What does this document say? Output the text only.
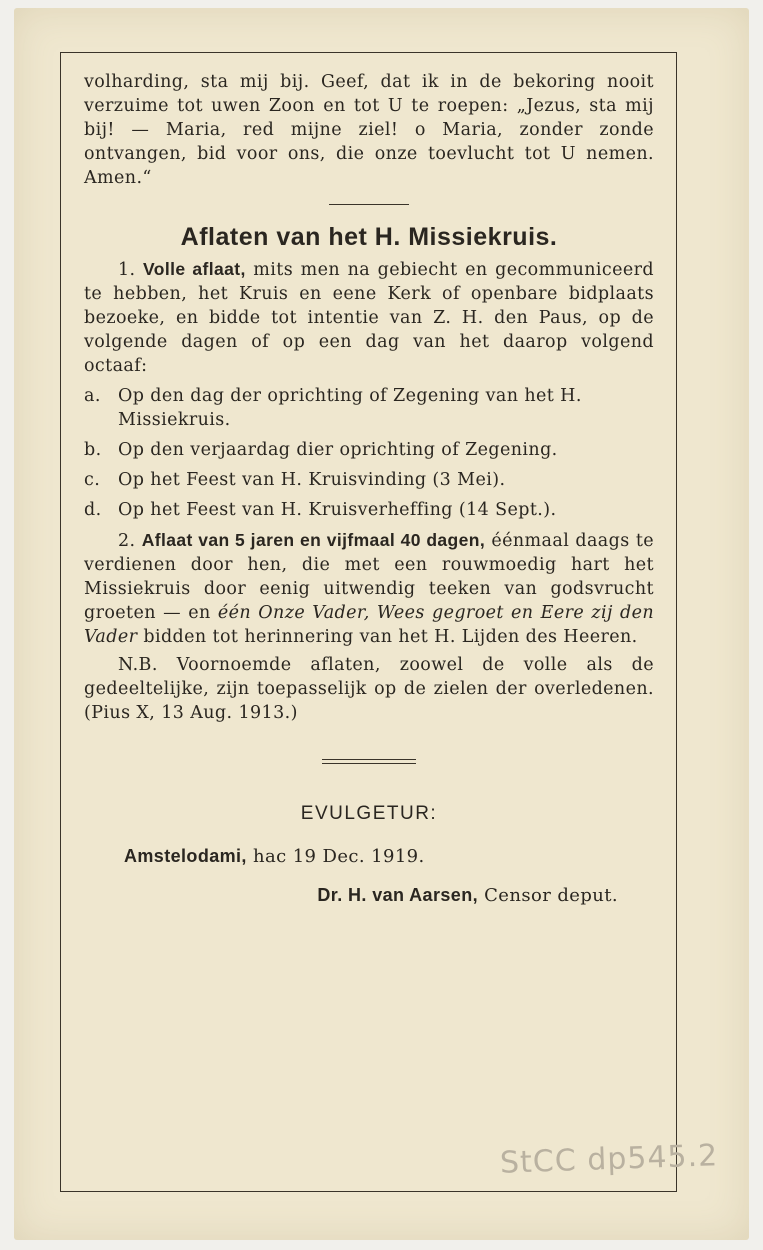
volharding, sta mij bij. Geef, dat ik in de bekoring nooit verzuime tot uwen Zoon en tot U te roepen: „Jezus, sta mij bij! — Maria, red mijne ziel! o Maria, zonder zonde ontvangen, bid voor ons, die onze toevlucht tot U nemen. Amen.“

Aflaten van het H. Missiekruis.

1. Volle aflaat, mits men na gebiecht en gecommuniceerd te hebben, het Kruis en eene Kerk of openbare bidplaats bezoeke, en bidde tot intentie van Z. H. den Paus, op de volgende dagen of op een dag van het daarop volgend octaaf:

a. Op den dag der oprichting of Zegening van het H. Missiekruis.
b. Op den verjaardag dier oprichting of Zegening.
c.	Op het Feest van H. Kruisvinding (3 Mei).
d. Op het Feest van H. Kruisverheffing (14 Sept.).

2. Aflaat van 5 jaren en vijfmaal 40 dagen, éénmaal daags te verdienen door hen, die met een rouwmoedig hart het Missiekruis door eenig uitwendig teeken van godsvrucht groeten — en één Onze Vader, Wees gegroet en Eere zij den Vader bidden tot herinnering van het H. Lijden des Heeren.

N.B. Voornoemde aflaten, zoowel de volle als de gedeeltelijke, zijn toepasselijk op de zielen der overledenen. (Pius X, 13 Aug. 1913.)

EVULGETUR:
Amstelodami, hac 19 Dec. 1919.
Dr. H. van Aarsen, Censor deput.
StCC dp545.2
